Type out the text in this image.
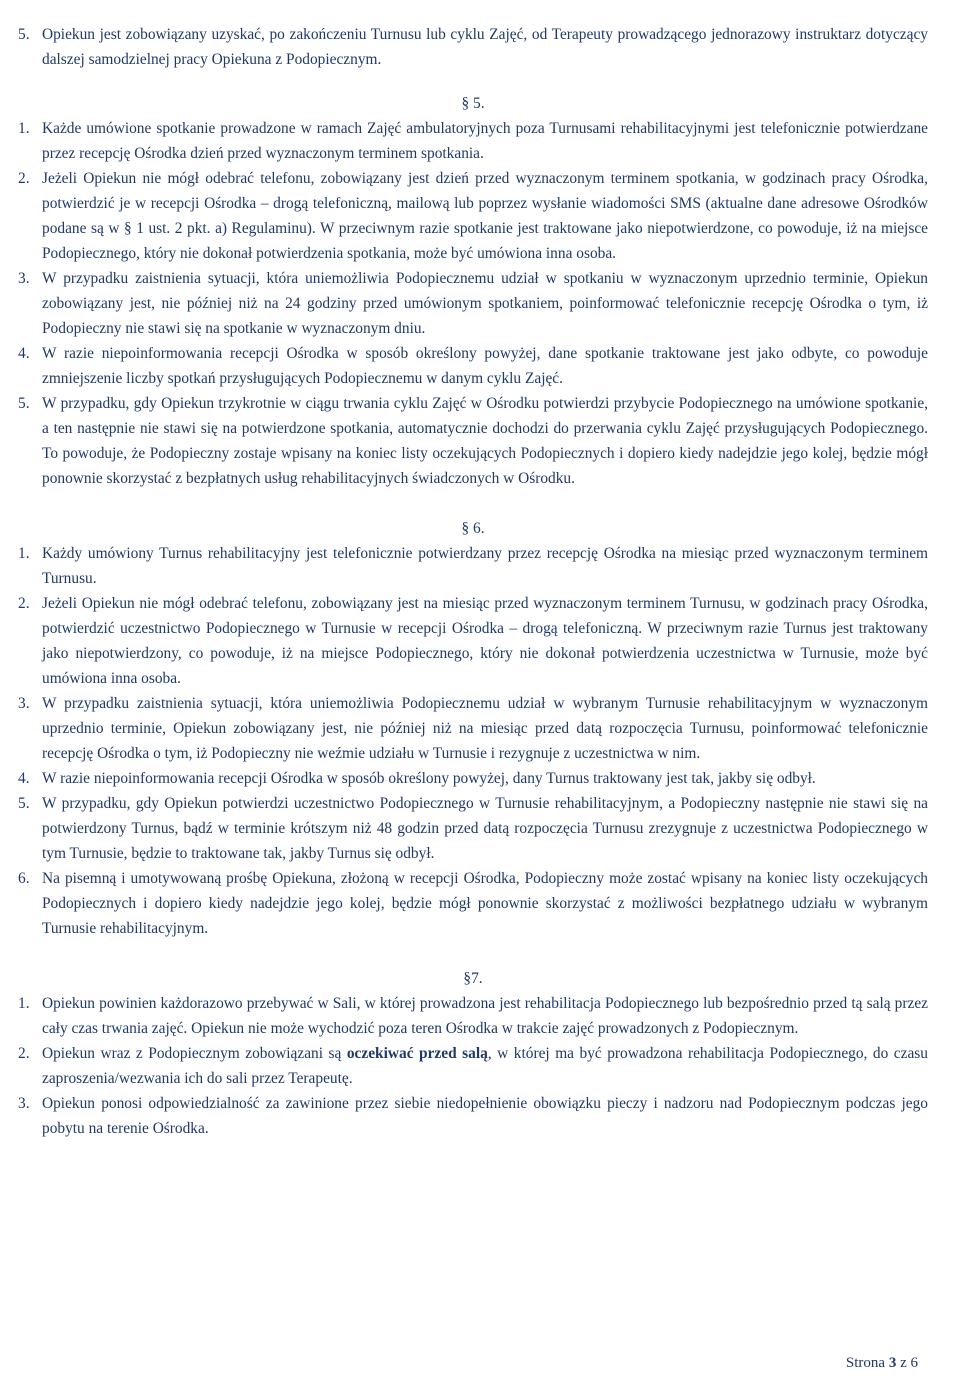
5. Opiekun jest zobowiązany uzyskać, po zakończeniu Turnusu lub cyklu Zajęć, od Terapeuty prowadzącego jednorazowy instruktarz dotyczący dalszej samodzielnej pracy Opiekuna z Podopiecznym.
§ 5.
1. Każde umówione spotkanie prowadzone w ramach Zajęć ambulatoryjnych poza Turnusami rehabilitacyjnymi jest telefonicznie potwierdzane przez recepcję Ośrodka dzień przed wyznaczonym terminem spotkania.
2. Jeżeli Opiekun nie mógł odebrać telefonu, zobowiązany jest dzień przed wyznaczonym terminem spotkania, w godzinach pracy Ośrodka, potwierdzić je w recepcji Ośrodka – drogą telefoniczną, mailową lub poprzez wysłanie wiadomości SMS (aktualne dane adresowe Ośrodków podane są w § 1 ust. 2 pkt. a) Regulaminu). W przeciwnym razie spotkanie jest traktowane jako niepotwierdzone, co powoduje, iż na miejsce Podopiecznego, który nie dokonał potwierdzenia spotkania, może być umówiona inna osoba.
3. W przypadku zaistnienia sytuacji, która uniemożliwia Podopiecznemu udział w spotkaniu w wyznaczonym uprzednio terminie, Opiekun zobowiązany jest, nie później niż na 24 godziny przed umówionym spotkaniem, poinformować telefonicznie recepcję Ośrodka o tym, iż Podopieczny nie stawi się na spotkanie w wyznaczonym dniu.
4. W razie niepoinformowania recepcji Ośrodka w sposób określony powyżej, dane spotkanie traktowane jest jako odbyte, co powoduje zmniejszenie liczby spotkań przysługujących Podopiecznemu w danym cyklu Zajęć.
5. W przypadku, gdy Opiekun trzykrotnie w ciągu trwania cyklu Zajęć w Ośrodku potwierdzi przybycie Podopiecznego na umówione spotkanie, a ten następnie nie stawi się na potwierdzone spotkania, automatycznie dochodzi do przerwania cyklu Zajęć przysługujących Podopiecznego. To powoduje, że Podopieczny zostaje wpisany na koniec listy oczekujących Podopiecznych i dopiero kiedy nadejdzie jego kolej, będzie mógł ponownie skorzystać z bezpłatnych usług rehabilitacyjnych świadczonych w Ośrodku.
§ 6.
1. Każdy umówiony Turnus rehabilitacyjny jest telefonicznie potwierdzany przez recepcję Ośrodka na miesiąc przed wyznaczonym terminem Turnusu.
2. Jeżeli Opiekun nie mógł odebrać telefonu, zobowiązany jest na miesiąc przed wyznaczonym terminem Turnusu, w godzinach pracy Ośrodka, potwierdzić uczestnictwo Podopiecznego w Turnusie w recepcji Ośrodka – drogą telefoniczną. W przeciwnym razie Turnus jest traktowany jako niepotwierdzony, co powoduje, iż na miejsce Podopiecznego, który nie dokonał potwierdzenia uczestnictwa w Turnusie, może być umówiona inna osoba.
3. W przypadku zaistnienia sytuacji, która uniemożliwia Podopiecznemu udział w wybranym Turnusie rehabilitacyjnym w wyznaczonym uprzednio terminie, Opiekun zobowiązany jest, nie później niż na miesiąc przed datą rozpoczęcia Turnusu, poinformować telefonicznie recepcję Ośrodka o tym, iż Podopieczny nie weźmie udziału w Turnusie i rezygnuje z uczestnictwa w nim.
4. W razie niepoinformowania recepcji Ośrodka w sposób określony powyżej, dany Turnus traktowany jest tak, jakby się odbył.
5. W przypadku, gdy Opiekun potwierdzi uczestnictwo Podopiecznego w Turnusie rehabilitacyjnym, a Podopieczny następnie nie stawi się na potwierdzony Turnus, bądź w terminie krótszym niż 48 godzin przed datą rozpoczęcia Turnusu zrezygnuje z uczestnictwa Podopiecznego w tym Turnusie, będzie to traktowane tak, jakby Turnus się odbył.
6. Na pisemną i umotywowaną prośbę Opiekuna, złożoną w recepcji Ośrodka, Podopieczny może zostać wpisany na koniec listy oczekujących Podopiecznych i dopiero kiedy nadejdzie jego kolej, będzie mógł ponownie skorzystać z możliwości bezpłatnego udziału w wybranym Turnusie rehabilitacyjnym.
§7.
1. Opiekun powinien każdorazowo przebywać w Sali, w której prowadzona jest rehabilitacja Podopiecznego lub bezpośrednio przed tą salą przez cały czas trwania zajęć. Opiekun nie może wychodzić poza teren Ośrodka w trakcie zajęć prowadzonych z Podopiecznym.
2. Opiekun wraz z Podopiecznym zobowiązani są oczekiwać przed salą, w której ma być prowadzona rehabilitacja Podopiecznego, do czasu zaproszenia/wezwania ich do sali przez Terapeutę.
3. Opiekun ponosi odpowiedzialność za zawinione przez siebie niedopełnienie obowiązku pieczy i nadzoru nad Podopiecznym podczas jego pobytu na terenie Ośrodka.
Strona 3 z 6
